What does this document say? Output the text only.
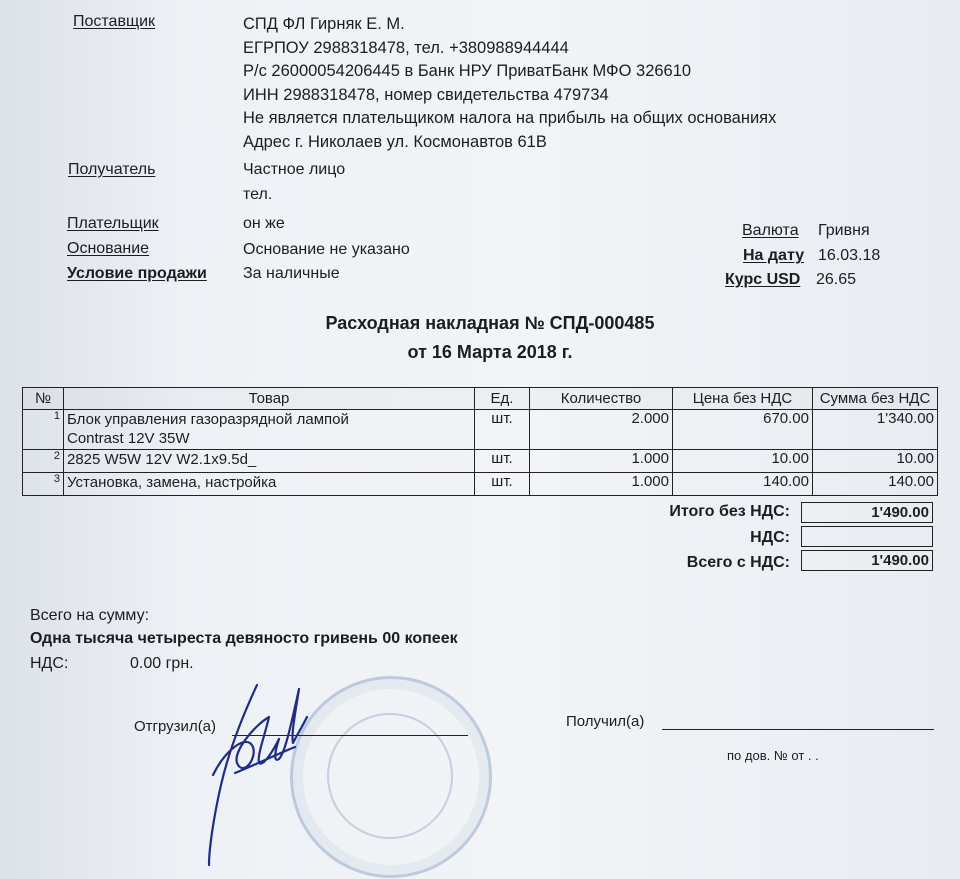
Поставщик	СПД ФЛ Гирняк Е. М.
ЕГРПОУ 2988318478, тел. +380988944444
Р/с 26000054206445 в Банк НРУ ПриватБанк МФО 326610
ИНН 2988318478, номер свидетельства 479734
Не является плательщиком налога на прибыль на общих основаниях
Адрес г. Николаев ул. Космонавтов 61В
Получатель	Частное лицо
тел.
Плательщик	он же
Основание	Основание не указано
Условие продажи За наличные
Валюта Гривня
На дату 16.03.18
Курс USD 26.65
Расходная накладная № СПД-000485
от 16 Марта 2018 г.
№	Товар	Ед.	Количество	Цена без НДС	Сумма без НДС
1	Блок управления газоразрядной лампой
Contrast 12V 35W	шт.	2.000	670.00	1'340.00
2	2825 W5W 12V W2.1x9.5d_	шт.	1.000	10.00	10.00
3	Установка, замена, настройка	шт.	1.000	140.00	140.00
Итого без НДС:	1'490.00
НДС:
Всего с НДС:	1'490.00
Всего на сумму:
Одна тысяча четыреста девяносто гривень 00 копеек
НДС:	0.00 грн.
Отгрузил(а)	Получил(а)
по дов. № от . .
